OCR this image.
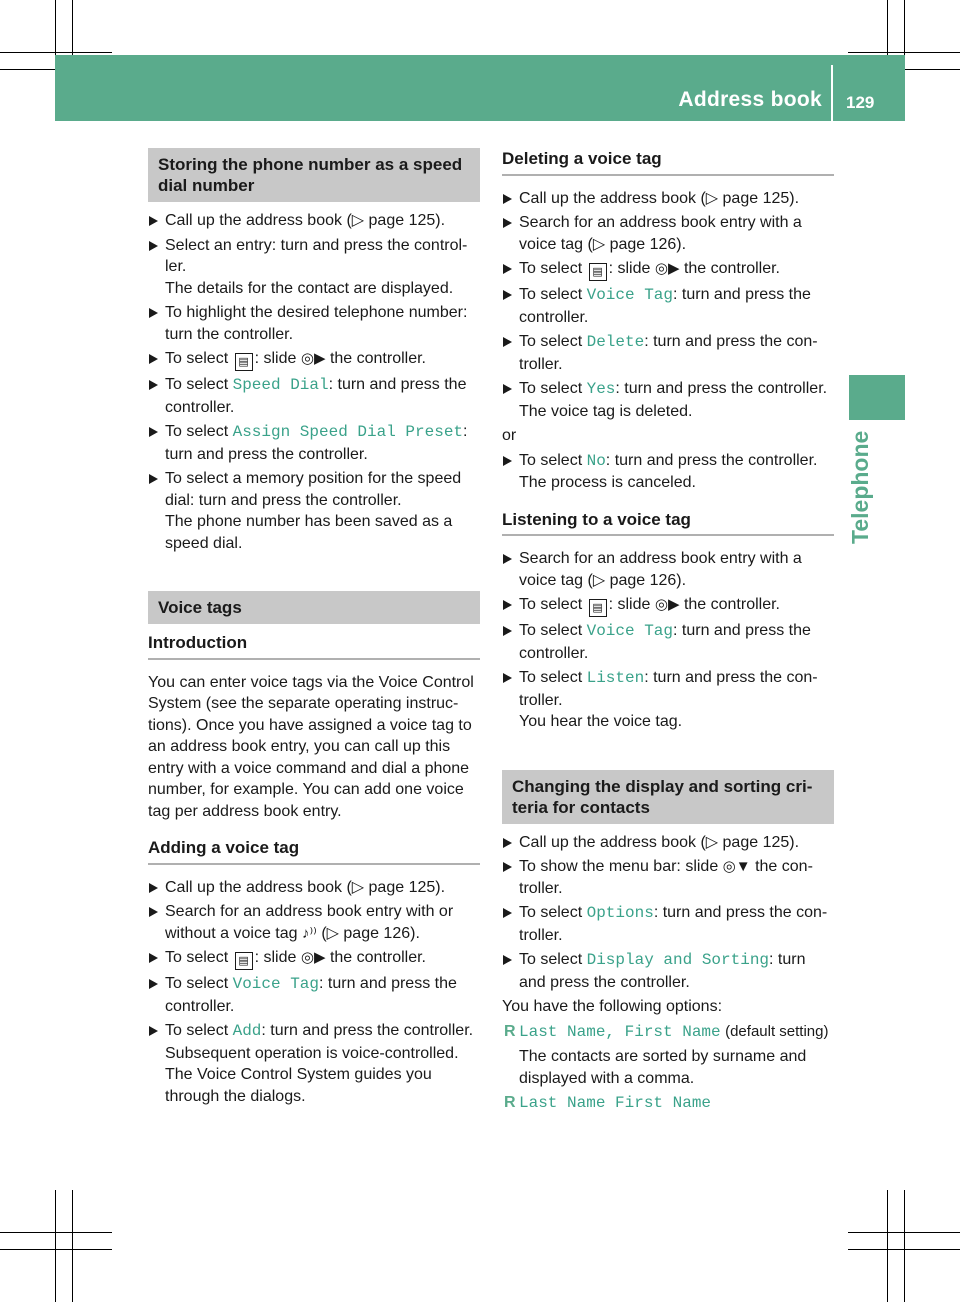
Address book 129
Telephone
Storing the phone number as a speed dial number
Call up the address book (▷ page 125).
Select an entry: turn and press the control- ler.
The details for the contact are displayed.
To highlight the desired telephone number: turn the controller.
To select ▤ : slide ◎▶ the controller.
To select Speed Dial: turn and press the controller.
To select Assign Speed Dial Preset: turn and press the controller.
To select a memory position for the speed dial: turn and press the controller.
The phone number has been saved as a speed dial.
Voice tags
Introduction

You can enter voice tags via the Voice Control System (see the separate operating instruc- tions). Once you have assigned a voice tag to an address book entry, you can call up this entry with a voice command and dial a phone number, for example. You can add one voice tag per address book entry.

Adding a voice tag
Call up the address book (▷ page 125).
Search for an address book entry with or without a voice tag ♪⁾⁾ (▷ page 126).
To select ▤ : slide ◎▶ the controller.
To select Voice Tag: turn and press the controller.
To select Add: turn and press the controller.
Subsequent operation is voice-controlled. The Voice Control System guides you through the dialogs.
Deleting a voice tag
Call up the address book (▷ page 125).
Search for an address book entry with a voice tag (▷ page 126).
To select ▤ : slide ◎▶ the controller.
To select Voice Tag: turn and press the controller.
To select Delete: turn and press the con- troller.
To select Yes: turn and press the controller.
The voice tag is deleted.

or

To select No: turn and press the controller.
The process is canceled.
Listening to a voice tag
Search for an address book entry with a voice tag (▷ page 126).
To select ▤ : slide ◎▶ the controller.
To select Voice Tag: turn and press the controller.
To select Listen: turn and press the con- troller.
You hear the voice tag.
Changing the display and sorting cri- teria for contacts
Call up the address book (▷ page 125).
To show the menu bar: slide ◎▼ the con- troller.
To select Options: turn and press the con- troller.
To select Display and Sorting: turn and press the controller.

You have the following options:

R Last Name, First Name (default setting)
The contacts are sorted by surname and displayed with a comma.
R Last Name First Name
